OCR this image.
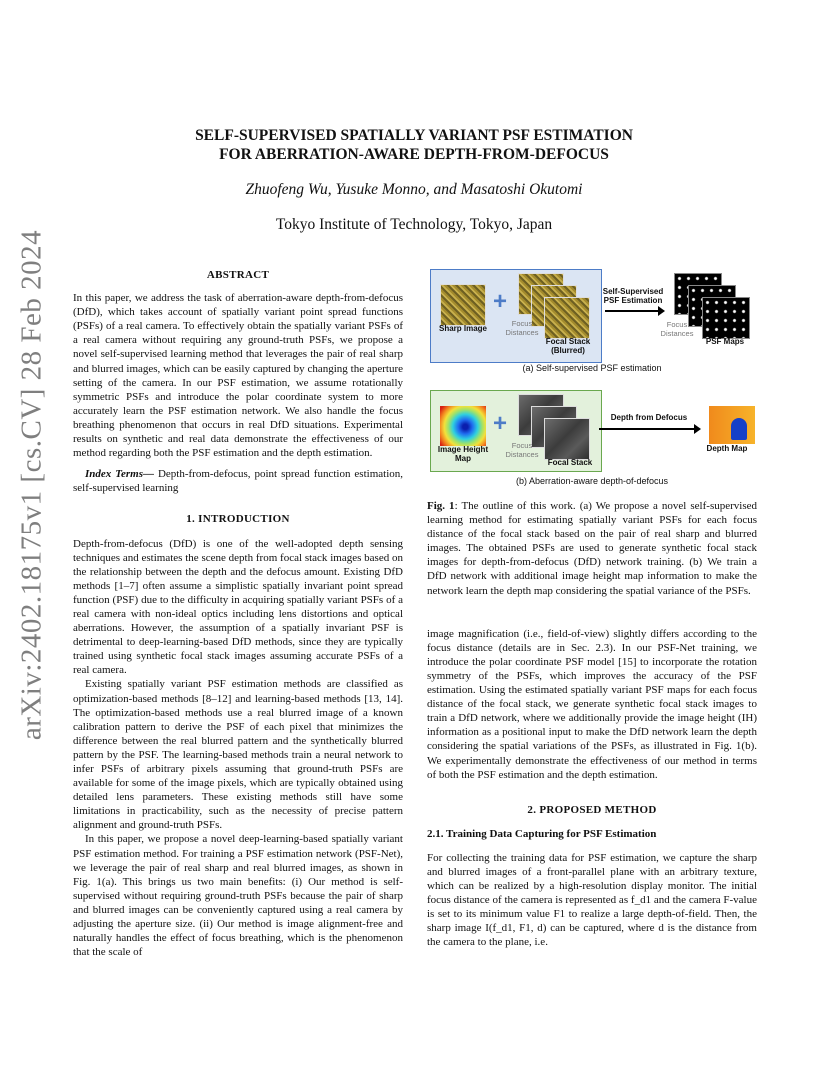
arXiv:2402.18175v1 [cs.CV] 28 Feb 2024
SELF-SUPERVISED SPATIALLY VARIANT PSF ESTIMATION
FOR ABERRATION-AWARE DEPTH-FROM-DEFOCUS
Zhuofeng Wu, Yusuke Monno, and Masatoshi Okutomi
Tokyo Institute of Technology, Tokyo, Japan
ABSTRACT

In this paper, we address the task of aberration-aware depth-from-defocus (DfD), which takes account of spatially variant point spread functions (PSFs) of a real camera. To effectively obtain the spatially variant PSFs of a real camera without requiring any ground-truth PSFs, we propose a novel self-supervised learning method that leverages the pair of real sharp and blurred images, which can be easily captured by changing the aperture setting of the camera. In our PSF estimation, we assume rotationally symmetric PSFs and introduce the polar coordinate system to more accurately learn the PSF estimation network. We also handle the focus breathing phenomenon that occurs in real DfD situations. Experimental results on synthetic and real data demonstrate the effectiveness of our method regarding both the PSF estimation and the depth estimation.

Index Terms— Depth-from-defocus, point spread function estimation, self-supervised learning

1. INTRODUCTION

Depth-from-defocus (DfD) is one of the well-adopted depth sensing techniques and estimates the scene depth from focal stack images based on the relationship between the depth and the defocus amount. Existing DfD methods [1–7] often assume a simplistic spatially invariant point spread function (PSF) due to the difficulty in acquiring spatially variant PSFs of a real camera with non-ideal optics including lens distortions and optical aberrations. However, the assumption of a spatially invariant PSF is detrimental to deep-learning-based DfD methods, since they are typically trained using synthetic focal stack images assuming accurate PSFs of a real camera.

Existing spatially variant PSF estimation methods are classified as optimization-based methods [8–12] and learning-based methods [13, 14]. The optimization-based methods use a real blurred image of a known calibration pattern to derive the PSF of each pixel that minimizes the difference between the real blurred pattern and the synthetically blurred pattern by the PSF. The learning-based methods train a neural network to infer PSFs of arbitrary pixels assuming that ground-truth PSFs are available for some of the image pixels, which are typically obtained using detailed lens parameters. These existing methods still have some limitations in practicability, such as the necessity of precise pattern alignment and ground-truth PSFs.

In this paper, we propose a novel deep-learning-based spatially variant PSF estimation method. For training a PSF estimation network (PSF-Net), we leverage the pair of real sharp and real blurred images, as shown in Fig. 1(a). This brings us two main benefits: (i) Our method is self-supervised without requiring ground-truth PSFs because the pair of sharp and blurred images can be conveniently captured using a real camera by adjusting the aperture size. (ii) Our method is image alignment-free and naturally handles the effect of focus breathing, which is the phenomenon that the scale of

Sharp Image
+
Focus
Distances
Focal Stack
(Blurred)
Self-Supervised
PSF Estimation
Focus
Distances
PSF Maps
(a) Self-supervised PSF estimation
Image Height
Map
+
Focus
Distances
Focal Stack
Depth from Defocus
Depth Map
(b) Aberration-aware depth-of-defocus

Fig. 1: The outline of this work. (a) We propose a novel self-supervised learning method for estimating spatially variant PSFs for each focus distance of the focal stack based on the pair of real sharp and blurred images. The obtained PSFs are used to generate synthetic focal stack images for depth-from-defocus (DfD) network training. (b) We train a DfD network with additional image height map information to make the network learn the depth map considering the spatial variance of the PSFs.

image magnification (i.e., field-of-view) slightly differs according to the focus distance (details are in Sec. 2.3). In our PSF-Net training, we introduce the polar coordinate PSF model [15] to incorporate the rotation symmetry of the PSFs, which improves the accuracy of the PSF estimation. Using the estimated spatially variant PSF maps for each focus distance of the focal stack, we generate synthetic focal stack images to train a DfD network, where we additionally provide the image height (IH) information as a positional input to make the DfD network learn the depth considering the spatial variations of the PSFs, as illustrated in Fig. 1(b). We experimentally demonstrate the effectiveness of our method in terms of both the PSF estimation and the depth estimation.

2. PROPOSED METHOD
2.1. Training Data Capturing for PSF Estimation

For collecting the training data for PSF estimation, we capture the sharp and blurred images of a front-parallel plane with an arbitrary texture, which can be realized by a high-resolution display monitor. The initial focus distance of the camera is represented as f_d1 and the camera F-value is set to its minimum value F1 to realize a large depth-of-field. Then, the sharp image I(f_d1, F1, d) can be captured, where d is the distance from the camera to the plane, i.e.
